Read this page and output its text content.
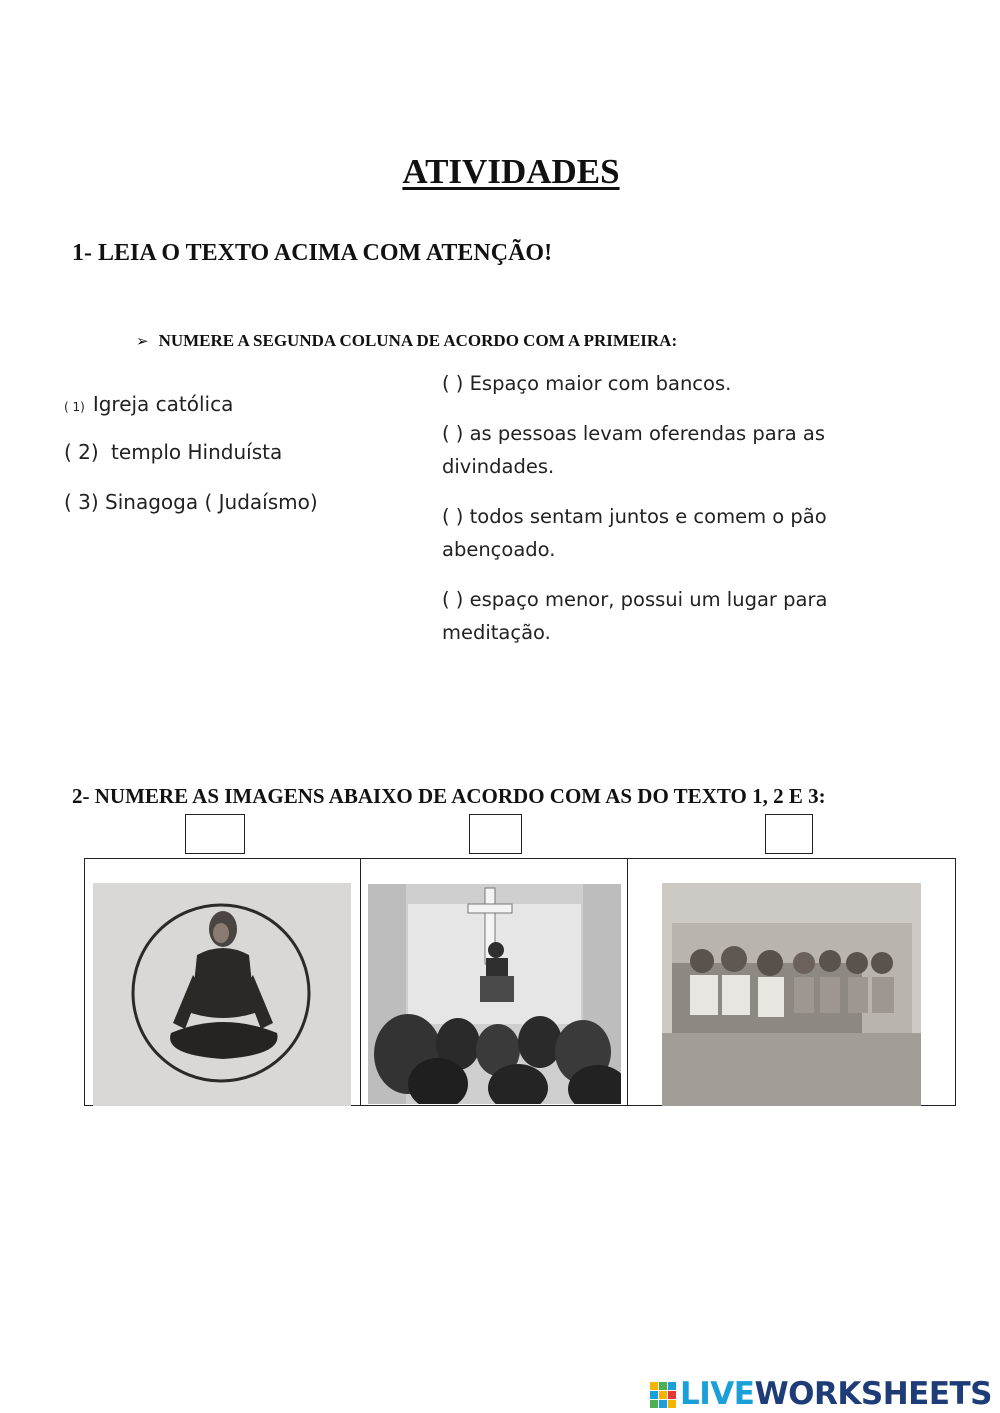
ATIVIDADES
1- LEIA O TEXTO ACIMA COM ATENÇÃO!
➢ NUMERE A SEGUNDA COLUNA DE ACORDO COM A PRIMEIRA:
( 1) Igreja católica
( 2) templo Hinduísta
( 3) Sinagoga ( Judaísmo)
( ) Espaço maior com bancos.
( ) as pessoas levam oferendas para as divindades.
( ) todos sentam juntos e comem o pão abençoado.
( ) espaço menor, possui um lugar para meditação.
2- NUMERE AS IMAGENS ABAIXO DE ACORDO COM AS DO TEXTO 1, 2 E 3:
LIVEWORKSHEETS
